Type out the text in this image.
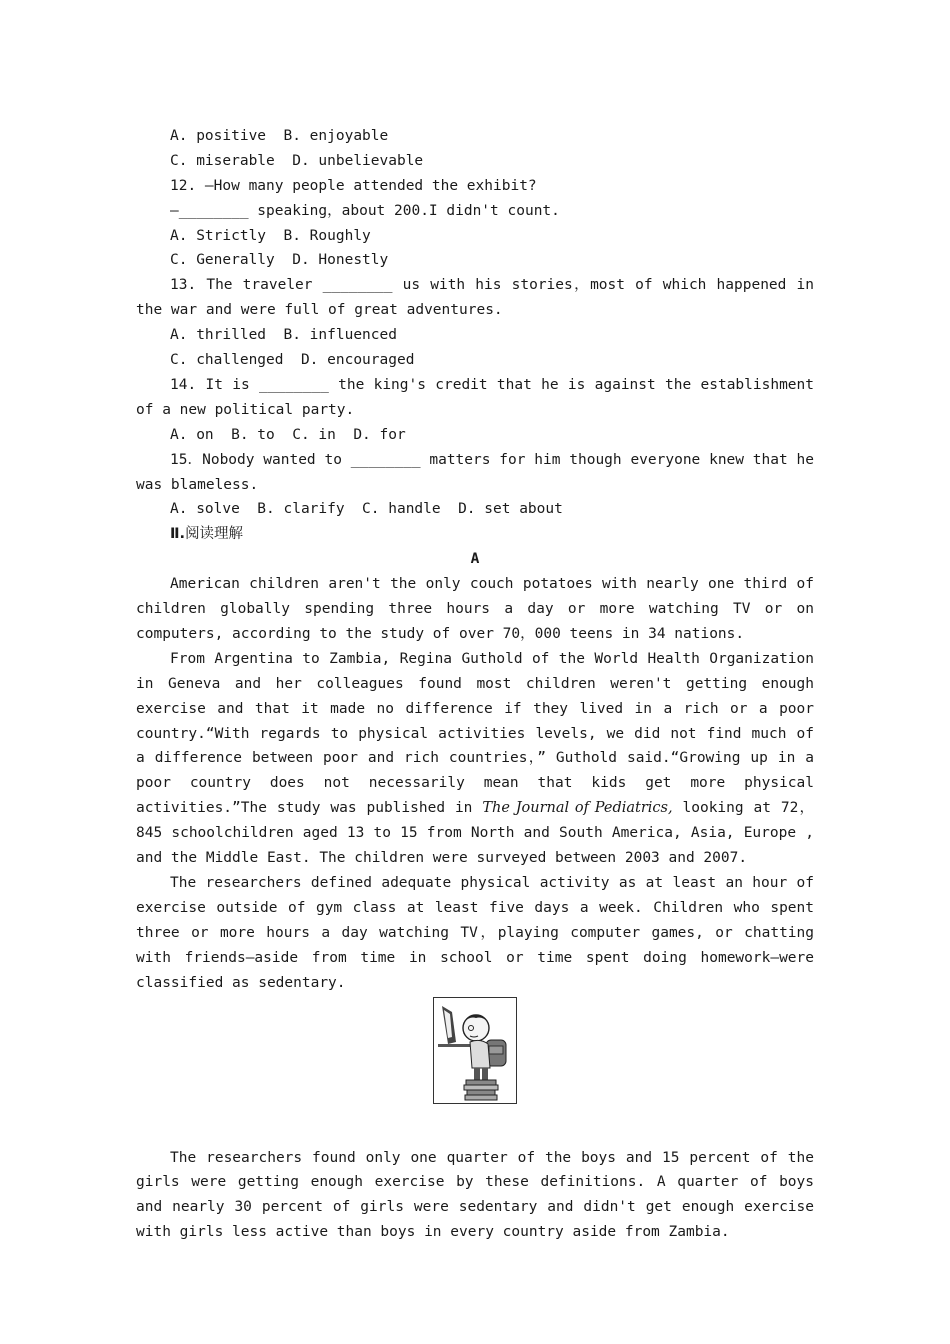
A. positive  B. enjoyable
C. miserable  D. unbelievable
12. —How many people attended the exhibit?
—________ speaking，about 200.I didn't count.
A. Strictly  B. Roughly
C. Generally  D. Honestly

13. The traveler ________ us with his stories，most of which happened in the war and were full of great adventures.

A. thrilled  B. influenced
C. challenged  D. encouraged

14. It is ________ the king's credit that he is against the establishment of a new political party.

A. on  B. to  C. in  D. for

15．Nobody wanted to ________ matters for him though everyone knew that he was blameless.

A. solve  B. clarify  C. handle  D. set about
Ⅱ.阅读理解
A

American children aren't the only couch potatoes with nearly one third of children globally spending three hours a day or more watching TV or on computers, according to the study of over 70，000 teens in 34 nations.

From Argentina to Zambia, Regina Guthold of the World Health Organization in Geneva and her colleagues found most children weren't getting enough exercise and that it made no difference if they lived in a rich or a poor country.“With regards to physical activities levels, we did not find much of a difference between poor and rich countries，” Guthold said.“Growing up in a poor country does not necessarily mean that kids get more physical activities.”The study was published in The Journal of Pediatrics, looking at 72，845 schoolchildren aged 13 to 15 from North and South America, Asia, Europe , and the Middle East. The children were surveyed between 2003 and 2007.

The researchers defined adequate physical activity as at least an hour of exercise outside of gym class at least five days a week. Children who spent three or more hours a day watching TV，playing computer games, or chatting with friends—aside from time in school or time spent doing homework—were classified as sedentary.

The researchers found only one quarter of the boys and 15 percent of the girls were getting enough exercise by these definitions. A quarter of boys and nearly 30 percent of girls were sedentary and didn't get enough exercise with girls less active than boys in every country aside from Zambia.
